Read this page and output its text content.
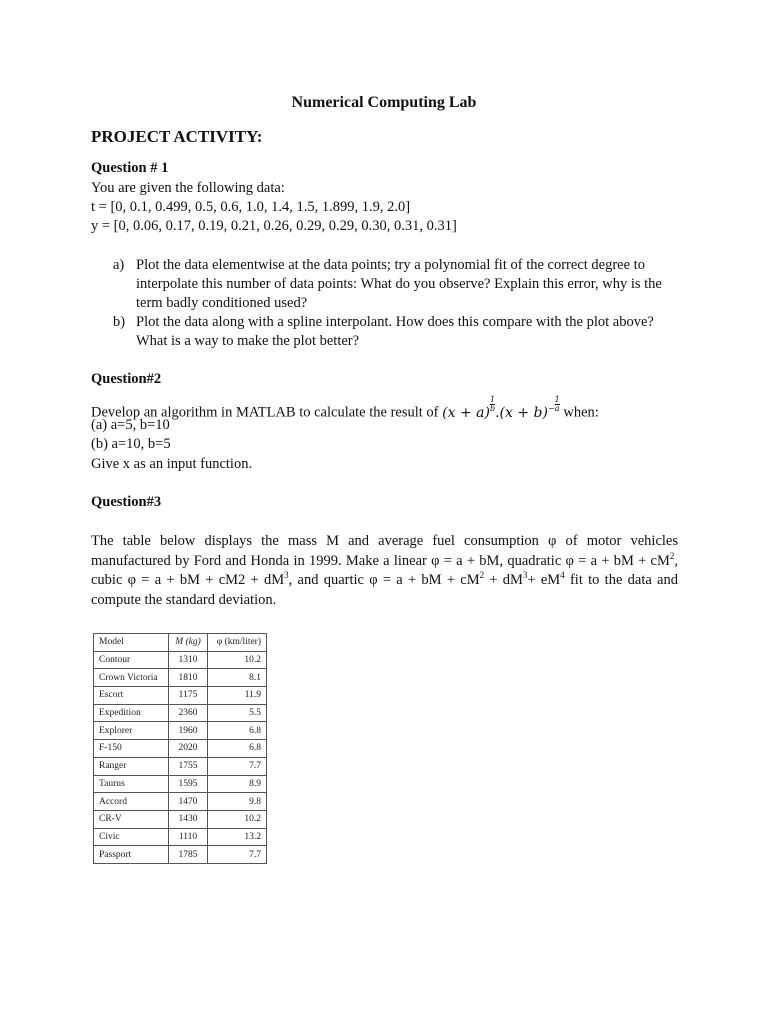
Numerical Computing Lab
PROJECT ACTIVITY:
Question # 1
You are given the following data:
t = [0, 0.1, 0.499, 0.5, 0.6, 1.0, 1.4, 1.5, 1.899, 1.9, 2.0]
y = [0, 0.06, 0.17, 0.19, 0.21, 0.26, 0.29, 0.29, 0.30, 0.31, 0.31]
a) Plot the data elementwise at the data points; try a polynomial fit of the correct degree to interpolate this number of data points: What do you observe? Explain this error, why is the term badly conditioned used?
b) Plot the data along with a spline interpolant. How does this compare with the plot above? What is a way to make the plot better?
Question#2
Develop an algorithm in MATLAB to calculate the result of $(x + a) \frac{1}{b} .(x + b)- \frac{1}{a}$ when:
(a) a=5, b=10
(b) a=10, b=5
Give x as an input function.
Question#3
The table below displays the mass M and average fuel consumption φ of motor vehicles manufactured by Ford and Honda in 1999. Make a linear φ = a + bM, quadratic φ = a + bM + $cM^2$, cubic φ = a + bM + $cM2 + dM^3$, and quartic φ = a + bM + $cM^2 + dM^3+ eM^4$ fit to the data and compute the standard deviation.
Model	M (kg)	φ (km/liter)
Contour	1310	10.2
Crown Victoria	1810	8.1
Escort	1175	11.9
Expedition	2360	5.5
Explorer	1960	6.8
F-150	2020	6.8
Ranger	1755	7.7
Taurus	1595	8.9
Accord	1470	9.8
CR-V	1430	10.2
Civic	1110	13.2
Passport	1785	7.7
